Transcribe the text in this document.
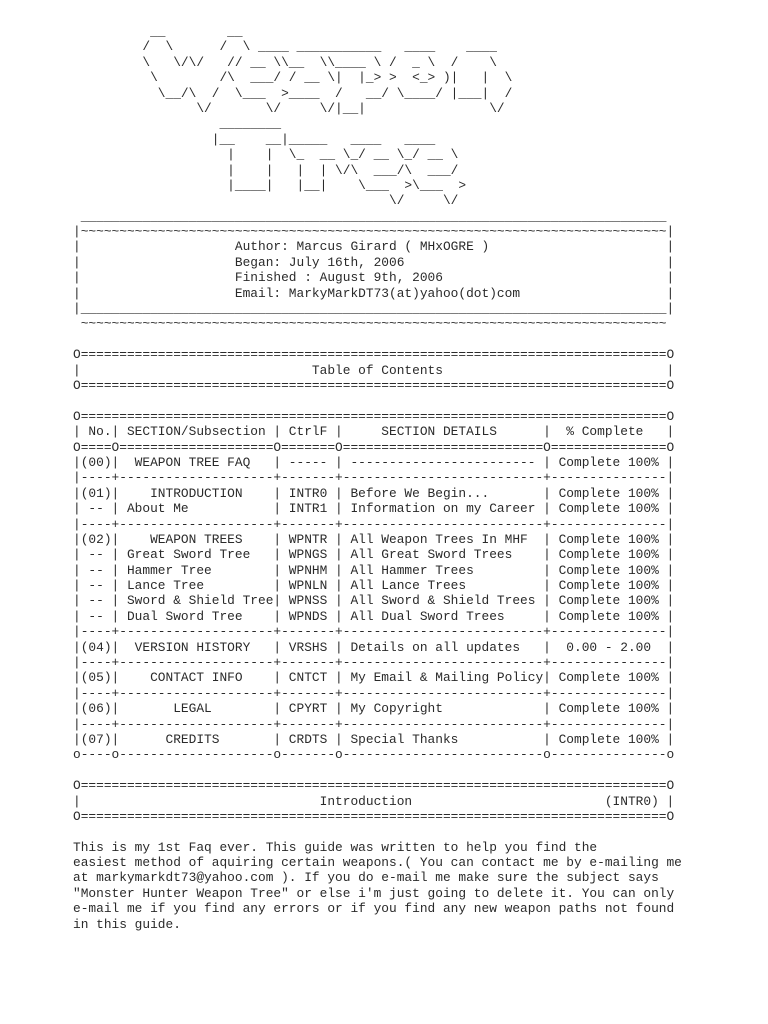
__        __
/  \      /  \ ____ ___________   ____    ____
\   \/\/   // __ \\__  \\____ \ /  _ \  /    \
\        /\  ___/ / __ \|  |_> >  <_> )|   |  \
\__/\  /  \___  >____  /   __/ \____/ |___|  /
\/       \/     \/|__|                \/
________
|__    __|_____   ____   ____
|    |  \_  __ \_/ __ \_/ __ \
|    |   |  | \/\  ___/\  ___/
|____|   |__|    \___  >\___  >
\/     \/
____________________________________________________________________________
|~~~~~~~~~~~~~~~~~~~~~~~~~~~~~~~~~~~~~~~~~~~~~~~~~~~~~~~~~~~~~~~~~~~~~~~~~~~~|
|                    Author: Marcus Girard ( MHxOGRE )                       |
|                    Began: July 16th, 2006                                  |
|                    Finished : August 9th, 2006                             |
|                    Email: MarkyMarkDT73(at)yahoo(dot)com                   |
|____________________________________________________________________________|
~~~~~~~~~~~~~~~~~~~~~~~~~~~~~~~~~~~~~~~~~~~~~~~~~~~~~~~~~~~~~~~~~~~~~~~~~~~~
O============================================================================O
|                              Table of Contents                             |
O============================================================================O
O============================================================================O
| No.| SECTION/Subsection | CtrlF |     SECTION DETAILS      |  % Complete   |
O====O====================O=======O==========================O===============O
|(00)|  WEAPON TREE FAQ   | ----- | ------------------------ | Complete 100% |
|----+--------------------+-------+--------------------------+---------------|
|(01)|    INTRODUCTION    | INTR0 | Before We Begin...       | Complete 100% |
| -- | About Me           | INTR1 | Information on my Career | Complete 100% |
|----+--------------------+-------+--------------------------+---------------|
|(02)|    WEAPON TREES    | WPNTR | All Weapon Trees In MHF  | Complete 100% |
| -- | Great Sword Tree   | WPNGS | All Great Sword Trees    | Complete 100% |
| -- | Hammer Tree        | WPNHM | All Hammer Trees         | Complete 100% |
| -- | Lance Tree         | WPNLN | All Lance Trees          | Complete 100% |
| -- | Sword & Shield Tree| WPNSS | All Sword & Shield Trees | Complete 100% |
| -- | Dual Sword Tree    | WPNDS | All Dual Sword Trees     | Complete 100% |
|----+--------------------+-------+--------------------------+---------------|
|(04)|  VERSION HISTORY   | VRSHS | Details on all updates   |  0.00 - 2.00  |
|----+--------------------+-------+--------------------------+---------------|
|(05)|    CONTACT INFO    | CNTCT | My Email & Mailing Policy| Complete 100% |
|----+--------------------+-------+--------------------------+---------------|
|(06)|       LEGAL        | CPYRT | My Copyright             | Complete 100% |
|----+--------------------+-------+--------------------------+---------------|
|(07)|      CREDITS       | CRDTS | Special Thanks           | Complete 100% |
o----o--------------------o-------o--------------------------o---------------o
O============================================================================O
|                               Introduction                         (INTR0) |
O============================================================================O
This is my 1st Faq ever. This guide was written to help you find the
easiest method of aquiring certain weapons.( You can contact me by e-mailing me
at markymarkdt73@yahoo.com ). If you do e-mail me make sure the subject says
"Monster Hunter Weapon Tree" or else i'm just going to delete it. You can only
e-mail me if you find any errors or if you find any new weapon paths not found
in this guide.
